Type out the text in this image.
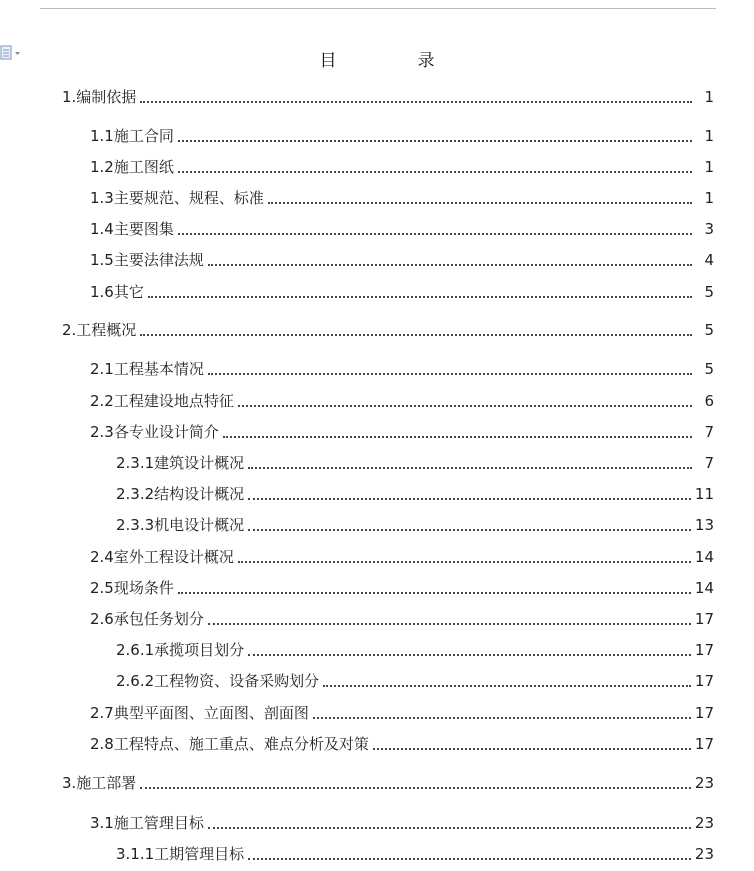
目　录
1.编制依据	1
1.1施工合同	1
1.2施工图纸	1
1.3主要规范、规程、标准	1
1.4主要图集	3
1.5主要法律法规	4
1.6其它	5
2.工程概况	5
2.1工程基本情况	5
2.2工程建设地点特征	6
2.3各专业设计简介	7
2.3.1建筑设计概况	7
2.3.2结构设计概况	11
2.3.3机电设计概况	13
2.4室外工程设计概况	14
2.5现场条件	14
2.6承包任务划分	17
2.6.1承揽项目划分	17
2.6.2工程物资、设备采购划分	17
2.7典型平面图、立面图、剖面图	17
2.8工程特点、施工重点、难点分析及对策	17
3.施工部署	23
3.1施工管理目标	23
3.1.1工期管理目标	23
